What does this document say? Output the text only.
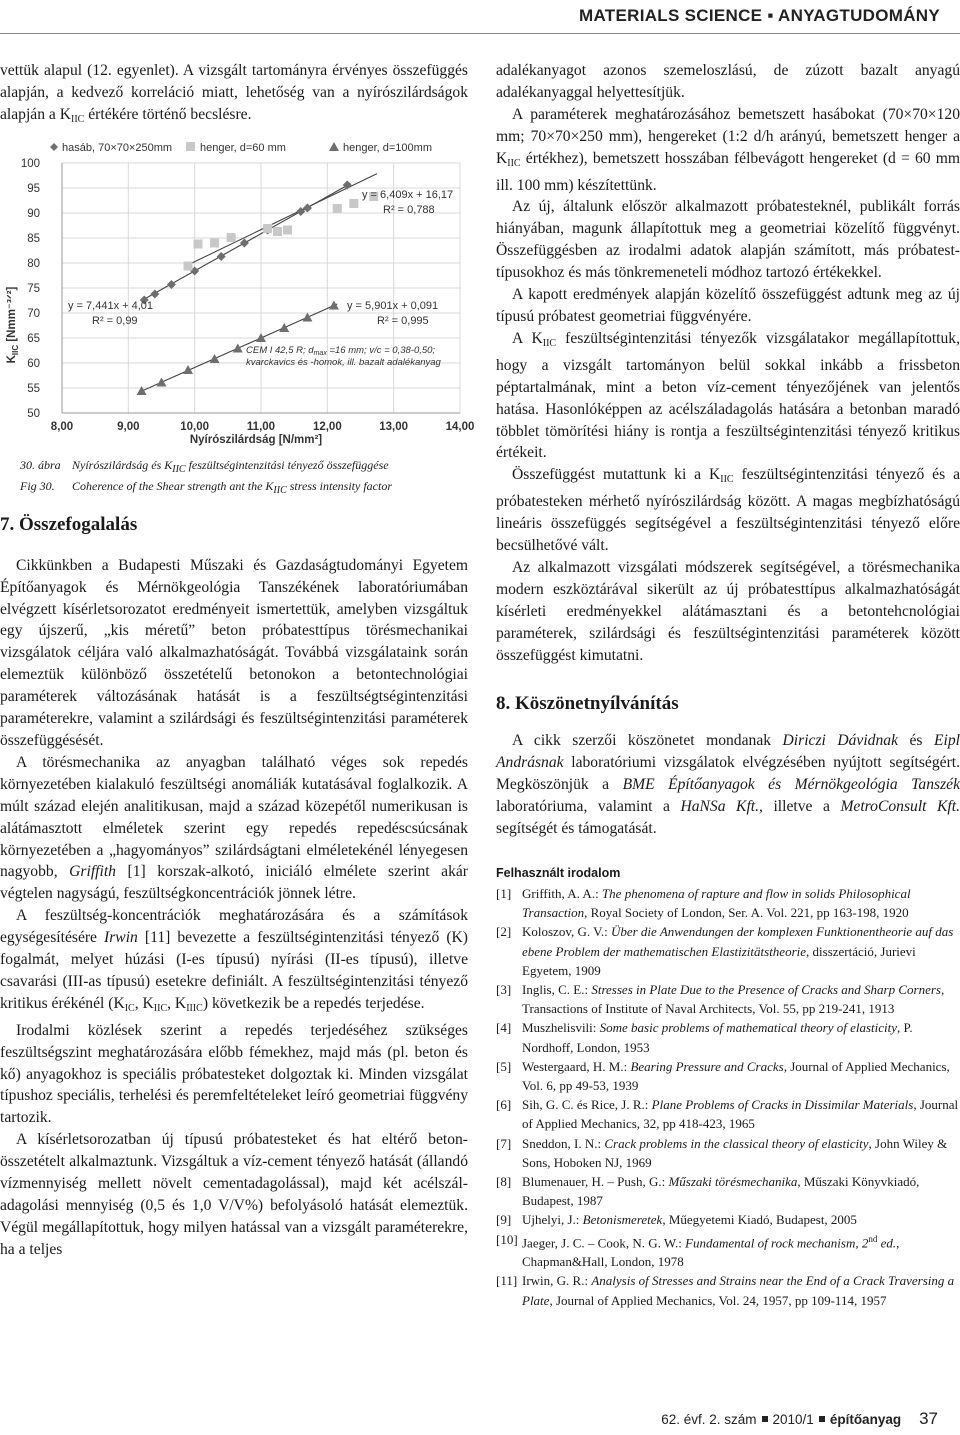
MATERIALS SCIENCE ▪ ANYAGTUDOMÁNY

vettük alapul (12. egyenlet). A vizsgált tartományra érvényes összefüggés alapján, a kedvező korreláció miatt, lehetőség van a nyírószilárdságok alapján a $K_{IIC}$ értékére történő becslésre.

50
55
60
65
70
75
80
85
90
95
100
8,00	9,00	10,00	11,00	12,00	13,00	14,00
hasáb, 70×70×250mm	henger, d=60 mm	henger, d=100mm
y = 6,409x + 16,17
R² = 0,788
y = 7,441x + 4,01
R² = 0,99
y = 5,901x + 0,091
R² = 0,995
CEM I 42,5 R; $d_{max} =16$ mm; v/c = 0,38-0,50;
kvarckavics és -homok, ill. bazalt adalékanyag
Nyírószilárdság [N/mm²]
$K_{IIC}$ [Nmm⁻³ᐟ²]
30. ábra Nyírószilárdság és $K_{IIC}$ feszültségintenzitási tényező összefüggése
Fig 30. Coherence of the Shear strength ant the $K_{IIC}$ stress intensity factor
7. Összefogalalás

Cikkünkben a Budapesti Műszaki és Gazdaságtudományi Egyetem Építőanyagok és Mérnökgeológia Tanszékének laboratóriumában elvégzett kísérletsorozatot eredményeit ismertettük, amelyben vizsgáltuk egy újszerű, „kis méretű” beton próbatesttípus törésmechanikai vizsgálatok céljára való alkalmazhatóságát. Továbbá vizsgálataink során elemeztük különböző összetételű betonokon a betontechnológiai paraméterek változásának hatását is a feszültségtségintenzitási paraméterekre, valamint a szilárdsági és feszültségintenzitási paraméterek összefüggésését.

A törésmechanika az anyagban található véges sok repedés környezetében kialakuló feszültségi anomáliák kutatásával foglalkozik. A múlt század elején analitikusan, majd a század közepétől numerikusan is alátámasztott elméletek szerint egy repedés repedéscsúcsának környezetében a „hagyományos” szilárdságtani elméletekénél lényegesen nagyobb, Griffith [1] korszak-alkotó, iniciáló elmélete szerint akár végtelen nagyságú, feszültségkoncentrációk jönnek létre.

A feszültség-koncentrációk meghatározására és a számítások egységesítésére Irwin [11] bevezette a feszültségintenzitási tényező (K) fogalmát, melyet húzási (I-es típusú) nyírási (II-es típusú), illetve csavarási (III-as típusú) esetekre definiált. A feszültségintenzitási tényező kritikus érékénél ($K_{IC}$, $K_{IIC}$, $K_{IIIC}$) következik be a repedés terjedése.

Irodalmi közlések szerint a repedés terjedéséhez szükséges feszültségszint meghatározására előbb fémekhez, majd más (pl. beton és kő) anyagokhoz is speciális próbatesteket dolgoztak ki. Minden vizsgálat típushoz speciális, terhelési és peremfeltételeket leíró geometriai függvény tartozik.

A kísérletsorozatban új típusú próbatesteket és hat eltérő beton-összetételt alkalmaztunk. Vizsgáltuk a víz-cement tényező hatását (állandó vízmennyiség mellett növelt cementadagolással), majd két acélszál-adagolási mennyiség (0,5 és 1,0 V/V%) befolyásoló hatását elemeztük. Végül megállapítottuk, hogy milyen hatással van a vizsgált paraméterekre, ha a teljes

adalékanyagot azonos szemeloszlású, de zúzott bazalt anyagú adalékanyaggal helyettesítjük.

A paraméterek meghatározásához bemetszett hasábokat (70×70×120 mm; 70×70×250 mm), hengereket (1:2 d/h arányú, bemetszett henger a $K_{IIC}$ értékhez), bemetszett hosszában félbevágott hengereket (d = 60 mm ill. 100 mm) készítettünk.

Az új, általunk először alkalmazott próbatesteknél, publikált forrás hiányában, magunk állapítottuk meg a geometriai közelítő függvényt. Összefüggésben az irodalmi adatok alapján számított, más próbatest-típusokhoz és más tönkremeneteli módhoz tartozó értékekkel.

A kapott eredmények alapján közelítő összefüggést adtunk meg az új típusú próbatest geometriai függvényére.

A $K_{IIC}$ feszültségintenzitási tényezők vizsgálatakor megállapítottuk, hogy a vizsgált tartományon belül sokkal inkább a frissbeton péptartalmának, mint a beton víz-cement tényezőjének van jelentős hatása. Hasonlóképpen az acélszáladagolás hatására a betonban maradó többlet tömörítési hiány is rontja a feszültségintenzitási tényező kritikus értékeit.

Összefüggést mutattunk ki a $K_{IIC}$ feszültségintenzitási tényező és a próbatesteken mérhető nyírószilárdság között. A magas megbízhatóságú lineáris összefüggés segítségével a feszültségintenzitási tényező előre becsülhetővé vált.

Az alkalmazott vizsgálati módszerek segítségével, a törésmechanika modern eszköztárával sikerült az új próbatesttípus alkalmazhatóságát kísérleti eredményekkel alátámasztani és a betontehcnológiai paraméterek, szilárdsági és feszültségintenzitási paraméterek között összefüggést kimutatni.

8. Köszönetnyílvánítás

A cikk szerzői köszönetet mondanak Diriczi Dávidnak és Eipl Andrásnak laboratóriumi vizsgálatok elvégzésében nyújtott segítségért. Megköszönjük a BME Építőanyagok és Mérnökgeológia Tanszék laboratóriuma, valamint a HaNSa Kft., illetve a MetroConsult Kft. segítségét és támogatását.

Felhasznált irodalom

[1] Griffith, A. A.: The phenomena of rapture and flow in solids Philosophical Transaction, Royal Society of London, Ser. A. Vol. 221, pp 163-198, 1920
[2] Koloszov, G. V.: Über die Anwendungen der komplexen Funktionentheorie auf das ebene Problem der mathematischen Elastizitätstheorie, disszertáció, Jurievi Egyetem, 1909
[3] Inglis, C. E.: Stresses in Plate Due to the Presence of Cracks and Sharp Corners, Transactions of Institute of Naval Architects, Vol. 55, pp 219-241, 1913
[4] Muszhelisvili: Some basic problems of mathematical theory of elasticity, P. Nordhoff, London, 1953
[5] Westergaard, H. M.: Bearing Pressure and Cracks, Journal of Applied Mechanics, Vol. 6, pp 49-53, 1939
[6] Sih, G. C. és Rice, J. R.: Plane Problems of Cracks in Dissimilar Materials, Journal of Applied Mechanics, 32, pp 418-423, 1965
[7] Sneddon, I. N.: Crack problems in the classical theory of elasticity, John Wiley & Sons, Hoboken NJ, 1969
[8] Blumenauer, H. – Push, G.: Műszaki törésmechanika, Műszaki Könyvkiadó, Budapest, 1987
[9] Ujhelyi, J.: Betonismeretek, Műegyetemi Kiadó, Budapest, 2005
[10] Jaeger, J. C. – Cook, N. G. W.: Fundamental of rock mechanism, 2nd ed., Chapman&Hall, London, 1978
[11] Irwin, G. R.: Analysis of Stresses and Strains near the End of a Crack Traversing a Plate, Journal of Applied Mechanics, Vol. 24, 1957, pp 109-114, 1957
62. évf. 2. szám 2010/1 építőanyag 37
